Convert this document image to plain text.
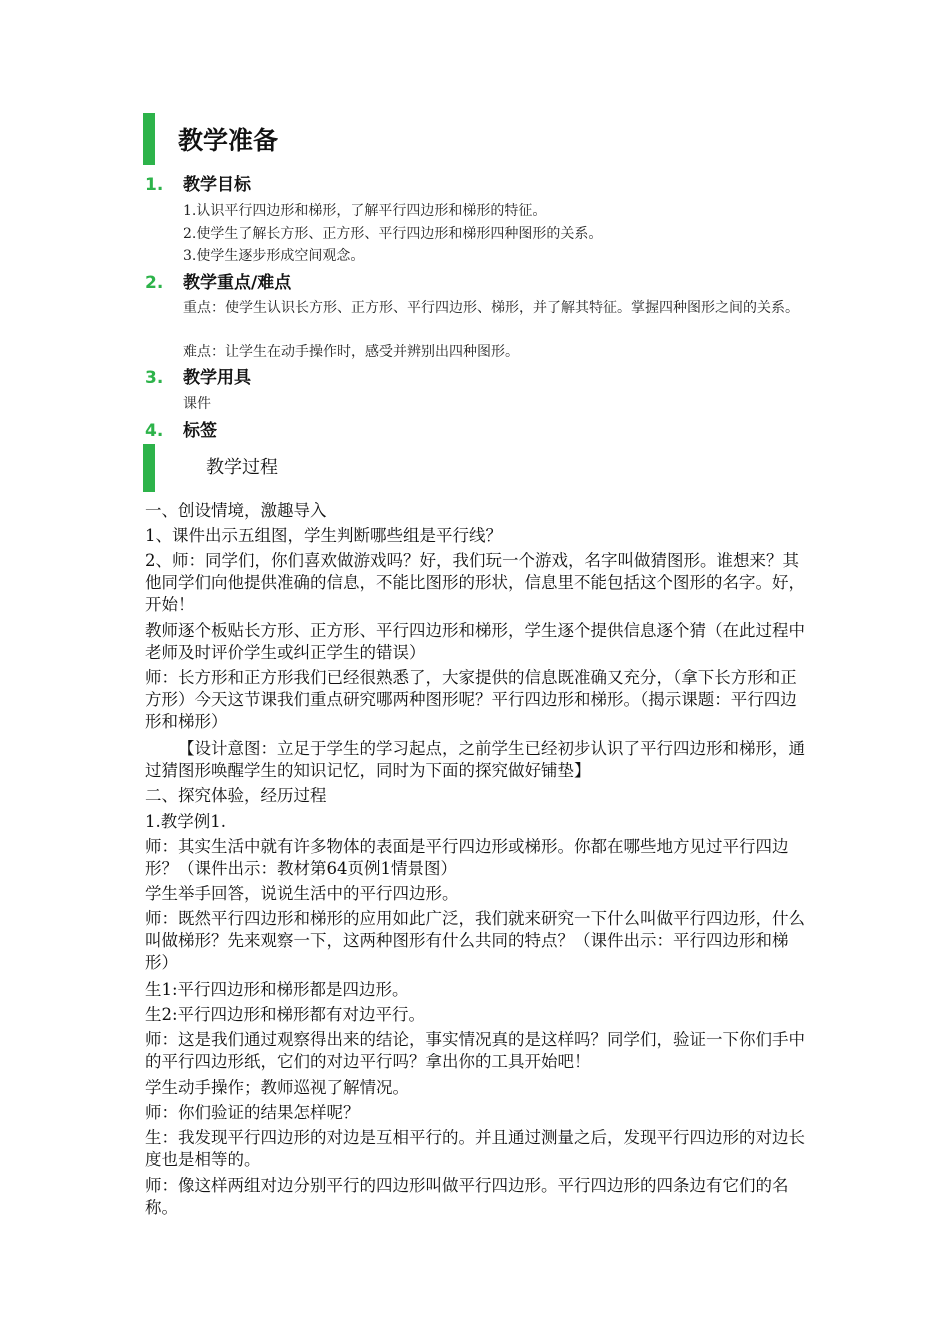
教学准备
1. 教学目标
1.认识平行四边形和梯形，了解平行四边形和梯形的特征。
2.使学生了解长方形、正方形、平行四边形和梯形四种图形的关系。
3.使学生逐步形成空间观念。
2. 教学重点/难点
重点：使学生认识长方形、正方形、平行四边形、梯形，并了解其特征。掌握四种图形之间的关系。
难点：让学生在动手操作时，感受并辨别出四种图形。
3. 教学用具
课件
4. 标签
教学过程
一、创设情境，激趣导入
1、课件出示五组图，学生判断哪些组是平行线？
2、师：同学们，你们喜欢做游戏吗？好，我们玩一个游戏，名字叫做猜图形。谁想来？其他同学们向他提供准确的信息，不能比图形的形状，信息里不能包括这个图形的名字。好，开始！
教师逐个板贴长方形、正方形、平行四边形和梯形，学生逐个提供信息逐个猜（在此过程中老师及时评价学生或纠正学生的错误）
师：长方形和正方形我们已经很熟悉了，大家提供的信息既准确又充分，（拿下长方形和正方形）今天这节课我们重点研究哪两种图形呢？平行四边形和梯形。（揭示课题：平行四边形和梯形）
【设计意图：立足于学生的学习起点，之前学生已经初步认识了平行四边形和梯形，通过猜图形唤醒学生的知识记忆，同时为下面的探究做好铺垫】
二、探究体验，经历过程
1.教学例1.
师：其实生活中就有许多物体的表面是平行四边形或梯形。你都在哪些地方见过平行四边形？（课件出示：教材第64页例1情景图）
学生举手回答，说说生活中的平行四边形。
师：既然平行四边形和梯形的应用如此广泛，我们就来研究一下什么叫做平行四边形，什么叫做梯形？先来观察一下，这两种图形有什么共同的特点？（课件出示：平行四边形和梯形）
生1:平行四边形和梯形都是四边形。
生2:平行四边形和梯形都有对边平行。
师：这是我们通过观察得出来的结论，事实情况真的是这样吗？同学们，验证一下你们手中的平行四边形纸，它们的对边平行吗？拿出你的工具开始吧！
学生动手操作；教师巡视了解情况。
师：你们验证的结果怎样呢？
生：我发现平行四边形的对边是互相平行的。并且通过测量之后，发现平行四边形的对边长度也是相等的。
师：像这样两组对边分别平行的四边形叫做平行四边形。平行四边形的四条边有它们的名称。
